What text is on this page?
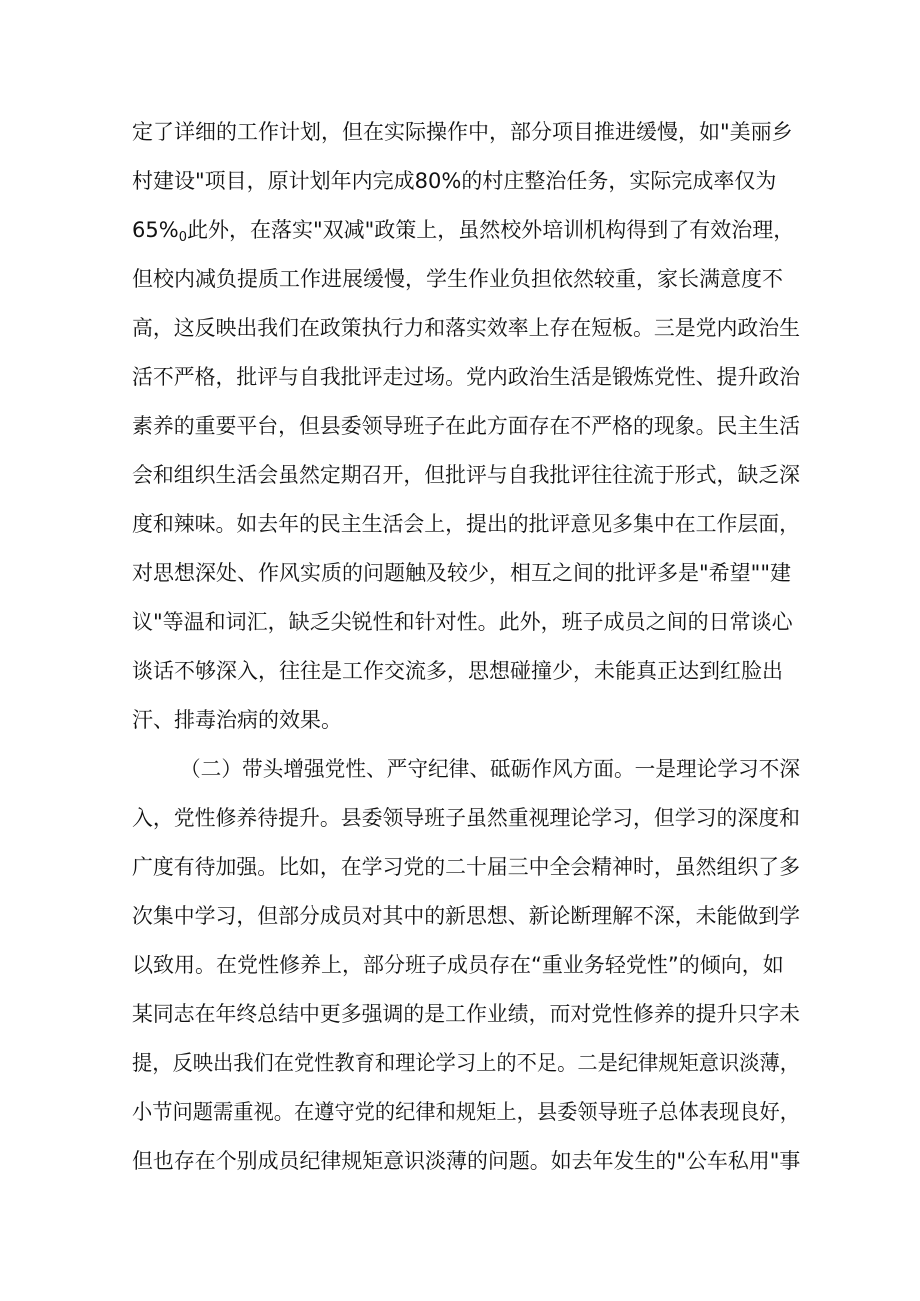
定了详细的工作计划，但在实际操作中，部分项目推进缓慢，如"美丽乡
村建设"项目，原计划年内完成80%的村庄整治任务，实际完成率仅为
65%0此外，在落实"双减"政策上，虽然校外培训机构得到了有效治理，
但校内减负提质工作进展缓慢，学生作业负担依然较重，家长满意度不
高，这反映出我们在政策执行力和落实效率上存在短板。三是党内政治生
活不严格，批评与自我批评走过场。党内政治生活是锻炼党性、提升政治
素养的重要平台，但县委领导班子在此方面存在不严格的现象。民主生活
会和组织生活会虽然定期召开，但批评与自我批评往往流于形式，缺乏深
度和辣味。如去年的民主生活会上，提出的批评意见多集中在工作层面，
对思想深处、作风实质的问题触及较少，相互之间的批评多是"希望""建
议"等温和词汇，缺乏尖锐性和针对性。此外，班子成员之间的日常谈心
谈话不够深入，往往是工作交流多，思想碰撞少，未能真正达到红脸出
汗、排毒治病的效果。
（二）带头增强党性、严守纪律、砥砺作风方面。一是理论学习不深
入，党性修养待提升。县委领导班子虽然重视理论学习，但学习的深度和
广度有待加强。比如，在学习党的二十届三中全会精神时，虽然组织了多
次集中学习，但部分成员对其中的新思想、新论断理解不深，未能做到学
以致用。在党性修养上，部分班子成员存在“重业务轻党性”的倾向，如
某同志在年终总结中更多强调的是工作业绩，而对党性修养的提升只字未
提，反映出我们在党性教育和理论学习上的不足。二是纪律规矩意识淡薄，
小节问题需重视。在遵守党的纪律和规矩上，县委领导班子总体表现良好，
但也存在个别成员纪律规矩意识淡薄的问题。如去年发生的"公车私用"事
